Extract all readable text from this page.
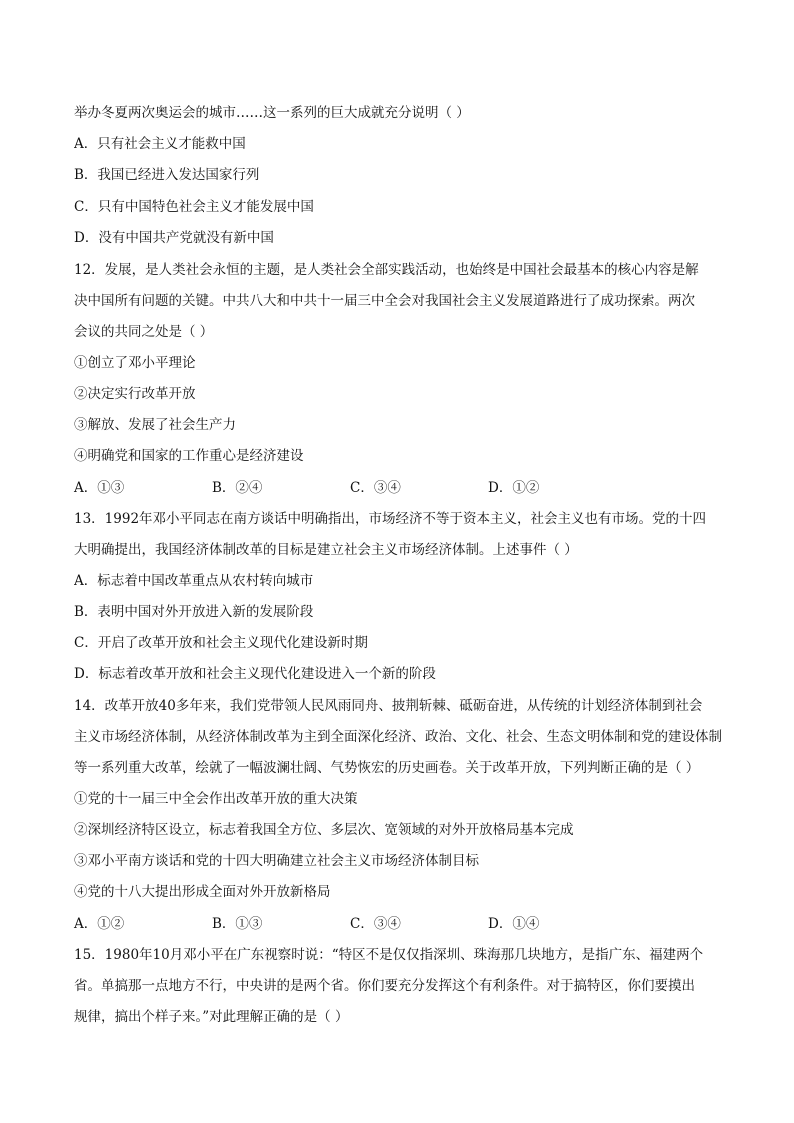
举办冬夏两次奥运会的城市……这一系列的巨大成就充分说明（ ）
A．只有社会主义才能救中国
B．我国已经进入发达国家行列
C．只有中国特色社会主义才能发展中国
D．没有中国共产党就没有新中国
12．发展，是人类社会永恒的主题，是人类社会全部实践活动，也始终是中国社会最基本的核心内容是解
决中国所有问题的关键。中共八大和中共十一届三中全会对我国社会主义发展道路进行了成功探索。两次
会议的共同之处是（ ）
①创立了邓小平理论
②决定实行改革开放
③解放、发展了社会生产力
④明确党和国家的工作重心是经济建设
A．①③	B．②④	C．③④	D．①②
13．1992年邓小平同志在南方谈话中明确指出，市场经济不等于资本主义，社会主义也有市场。党的十四
大明确提出，我国经济体制改革的目标是建立社会主义市场经济体制。上述事件（ ）
A．标志着中国改革重点从农村转向城市
B．表明中国对外开放进入新的发展阶段
C．开启了改革开放和社会主义现代化建设新时期
D．标志着改革开放和社会主义现代化建设进入一个新的阶段
14．改革开放40多年来，我们党带领人民风雨同舟、披荆斩棘、砥砺奋进，从传统的计划经济体制到社会
主义市场经济体制，从经济体制改革为主到全面深化经济、政治、文化、社会、生态文明体制和党的建设体制
等一系列重大改革，绘就了一幅波澜壮阔、气势恢宏的历史画卷。关于改革开放，下列判断正确的是（ ）
①党的十一届三中全会作出改革开放的重大决策
②深圳经济特区设立，标志着我国全方位、多层次、宽领域的对外开放格局基本完成
③邓小平南方谈话和党的十四大明确建立社会主义市场经济体制目标
④党的十八大提出形成全面对外开放新格局
A．①②	B．①③	C．③④	D．①④
15．1980年10月邓小平在广东视察时说：“特区不是仅仅指深圳、珠海那几块地方，是指广东、福建两个
省。单搞那一点地方不行，中央讲的是两个省。你们要充分发挥这个有利条件。对于搞特区，你们要摸出
规律，搞出个样子来。”对此理解正确的是（ ）
